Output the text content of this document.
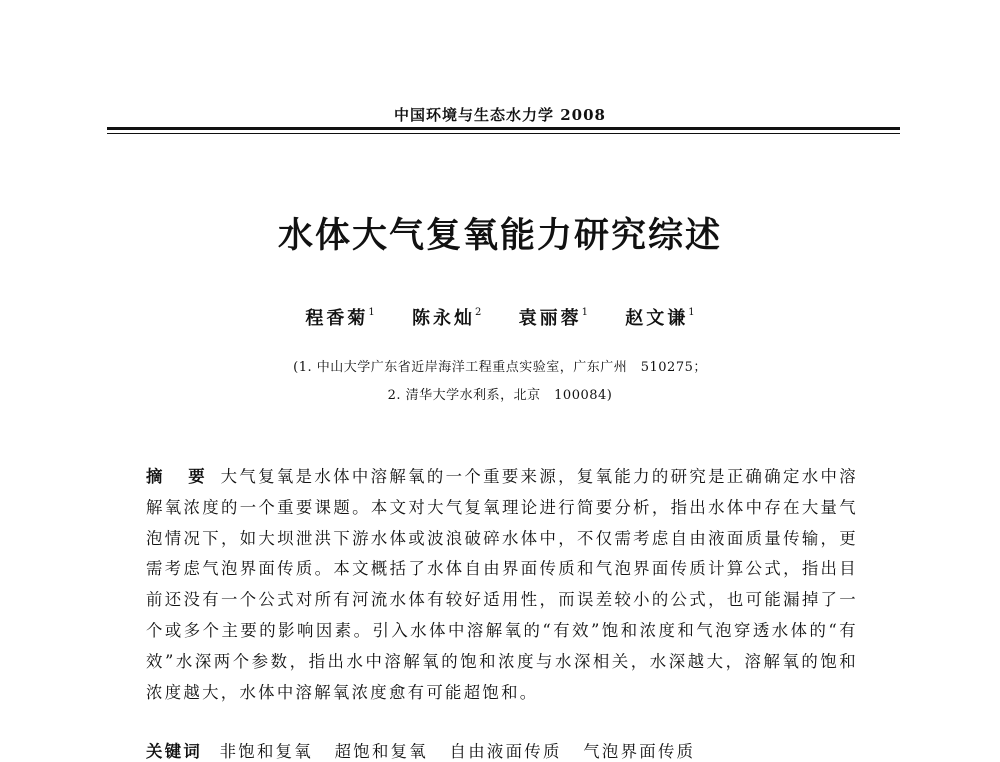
中国环境与生态水力学 2008
水体大气复氧能力研究综述
程香菊$^1$ 陈永灿$^2$ 袁丽蓉$^1$ 赵文谦$^1$
(1. 中山大学广东省近岸海洋工程重点实验室，广东广州　510275；
2. 清华大学水利系，北京　100084)

摘 要 大气复氧是水体中溶解氧的一个重要来源，复氧能力的研究是正确确定水中溶解氧浓度的一个重要课题。本文对大气复氧理论进行简要分析，指出水体中存在大量气泡情况下，如大坝泄洪下游水体或波浪破碎水体中，不仅需考虑自由液面质量传输，更需考虑气泡界面传质。本文概括了水体自由界面传质和气泡界面传质计算公式，指出目前还没有一个公式对所有河流水体有较好适用性，而误差较小的公式，也可能漏掉了一个或多个主要的影响因素。引入水体中溶解氧的“有效”饱和浓度和气泡穿透水体的“有效”水深两个参数，指出水中溶解氧的饱和浓度与水深相关，水深越大，溶解氧的饱和浓度越大，水体中溶解氧浓度愈有可能超饱和。

关键词 非饱和复氧 超饱和复氧 自由液面传质 气泡界面传质
